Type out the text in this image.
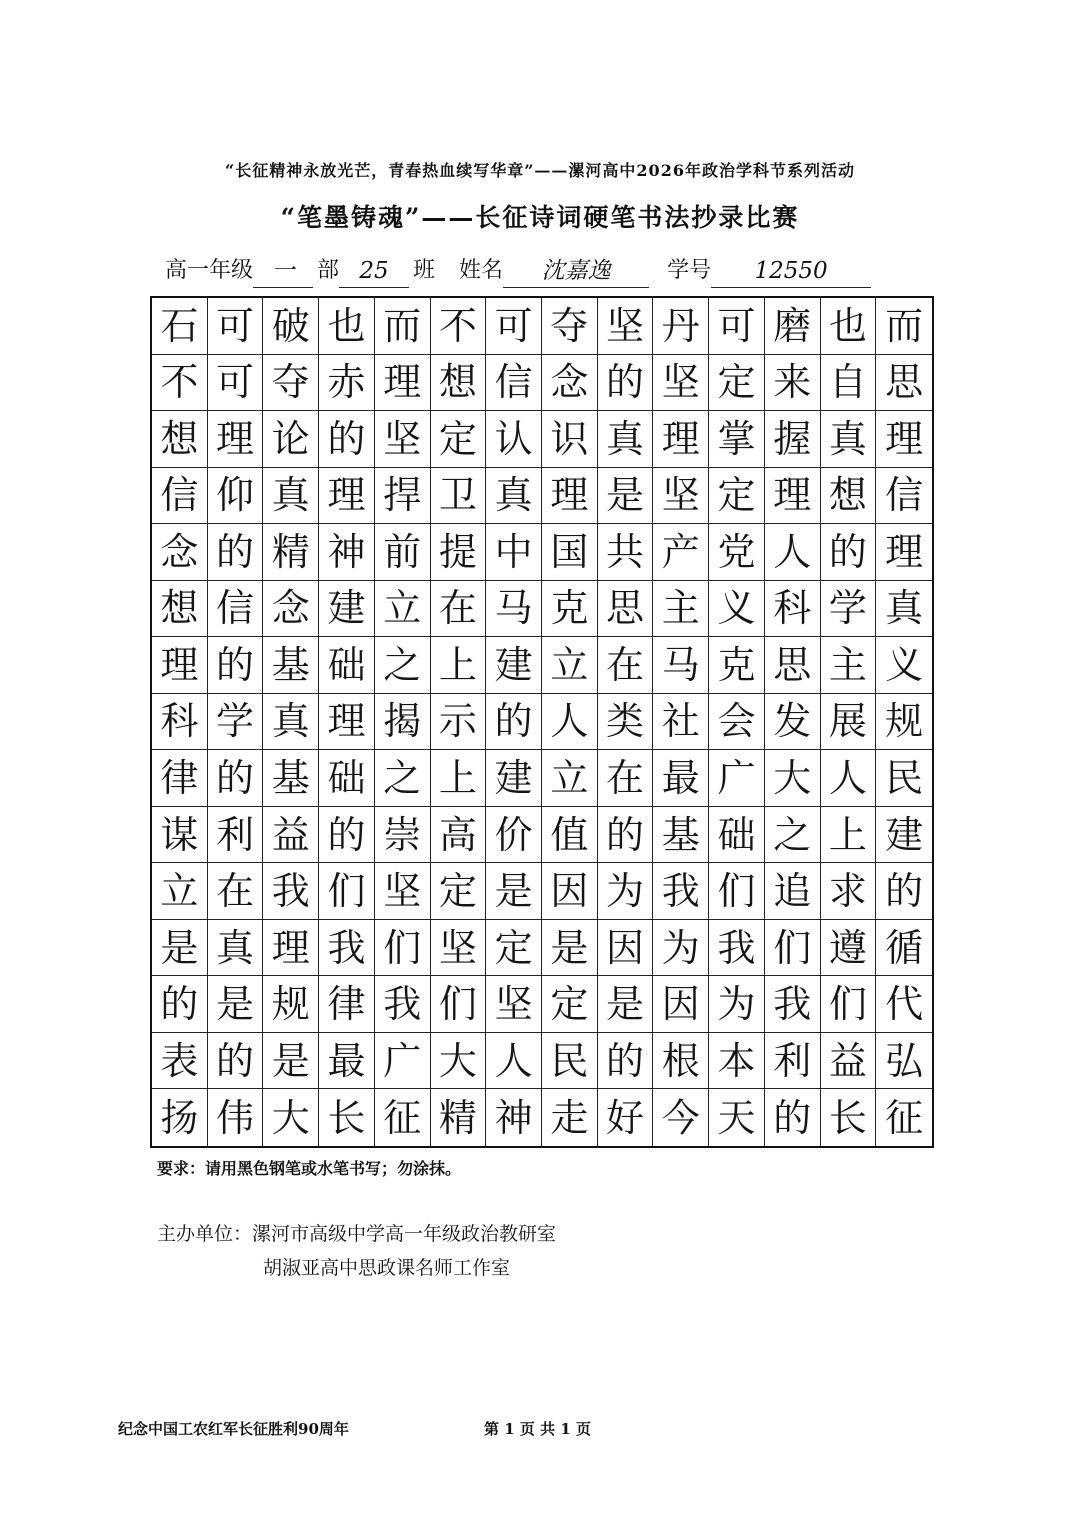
“长征精神永放光芒，青春热血续写华章”——漯河高中2026年政治学科节系列活动
“笔墨铸魂”——长征诗词硬笔书法抄录比赛
高一年级 一	部 25	班 姓名	沈嘉逸	学号	12550
石 可 破 也 而 不 可 夺 坚 丹 可 磨 也 而
不 可 夺 赤 理 想 信 念 的 坚 定 来 自 思
想 理 论 的 坚 定 认 识 真 理 掌 握 真 理
信 仰 真 理 捍 卫 真 理 是 坚 定 理 想 信
念 的 精 神 前 提 中 国 共 产 党 人 的 理
想 信 念 建 立 在 马 克 思 主 义 科 学 真
理 的 基 础 之 上 建 立 在 马 克 思 主 义
科 学 真 理 揭 示 的 人 类 社 会 发 展 规
律 的 基 础 之 上 建 立 在 最 广 大 人 民
谋 利 益 的 崇 高 价 值 的 基 础 之 上 建
立 在 我 们 坚 定 是 因 为 我 们 追 求 的
是 真 理 我 们 坚 定 是 因 为 我 们 遵 循
的 是 规 律 我 们 坚 定 是 因 为 我 们 代
表 的 是 最 广 大 人 民 的 根 本 利 益 弘
扬 伟 大 长 征 精 神 走 好 今 天 的 长 征
要求：请用黑色钢笔或水笔书写；勿涂抹。
主办单位：漯河市高级中学高一年级政治教研室
胡淑亚高中思政课名师工作室
纪念中国工农红军长征胜利90周年	第 1 页 共 1 页
